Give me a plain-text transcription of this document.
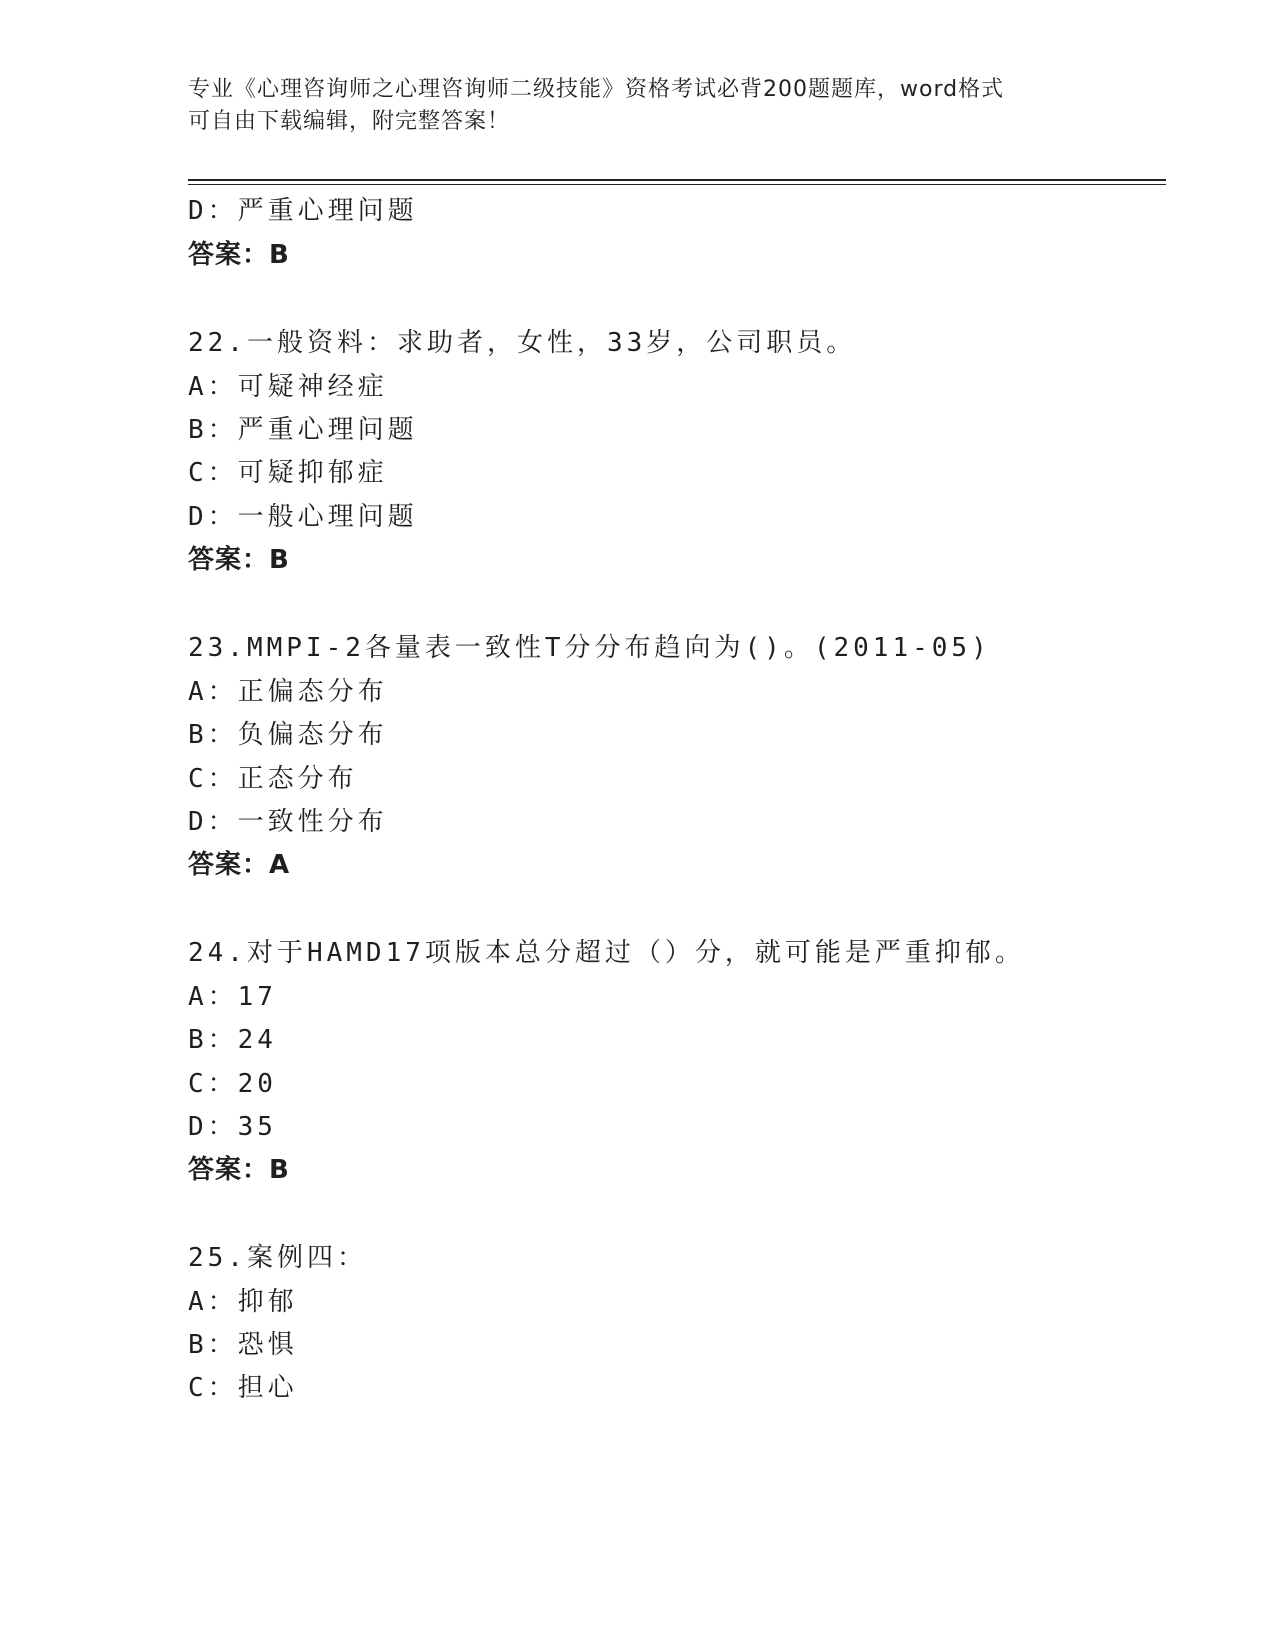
专业《心理咨询师之心理咨询师二级技能》资格考试必背200题题库，word格式
可自由下载编辑，附完整答案！
D：严重心理问题
答案：B
22.一般资料：求助者，女性，33岁，公司职员。
A：可疑神经症
B：严重心理问题
C：可疑抑郁症
D：一般心理问题
答案：B
23.MMPI-2各量表一致性T分分布趋向为()。(2011-05)
A：正偏态分布
B：负偏态分布
C：正态分布
D：一致性分布
答案：A
24.对于HAMD17项版本总分超过（）分，就可能是严重抑郁。
A：17
B：24
C：20
D：35
答案：B
25.案例四：
A：抑郁
B：恐惧
C：担心
